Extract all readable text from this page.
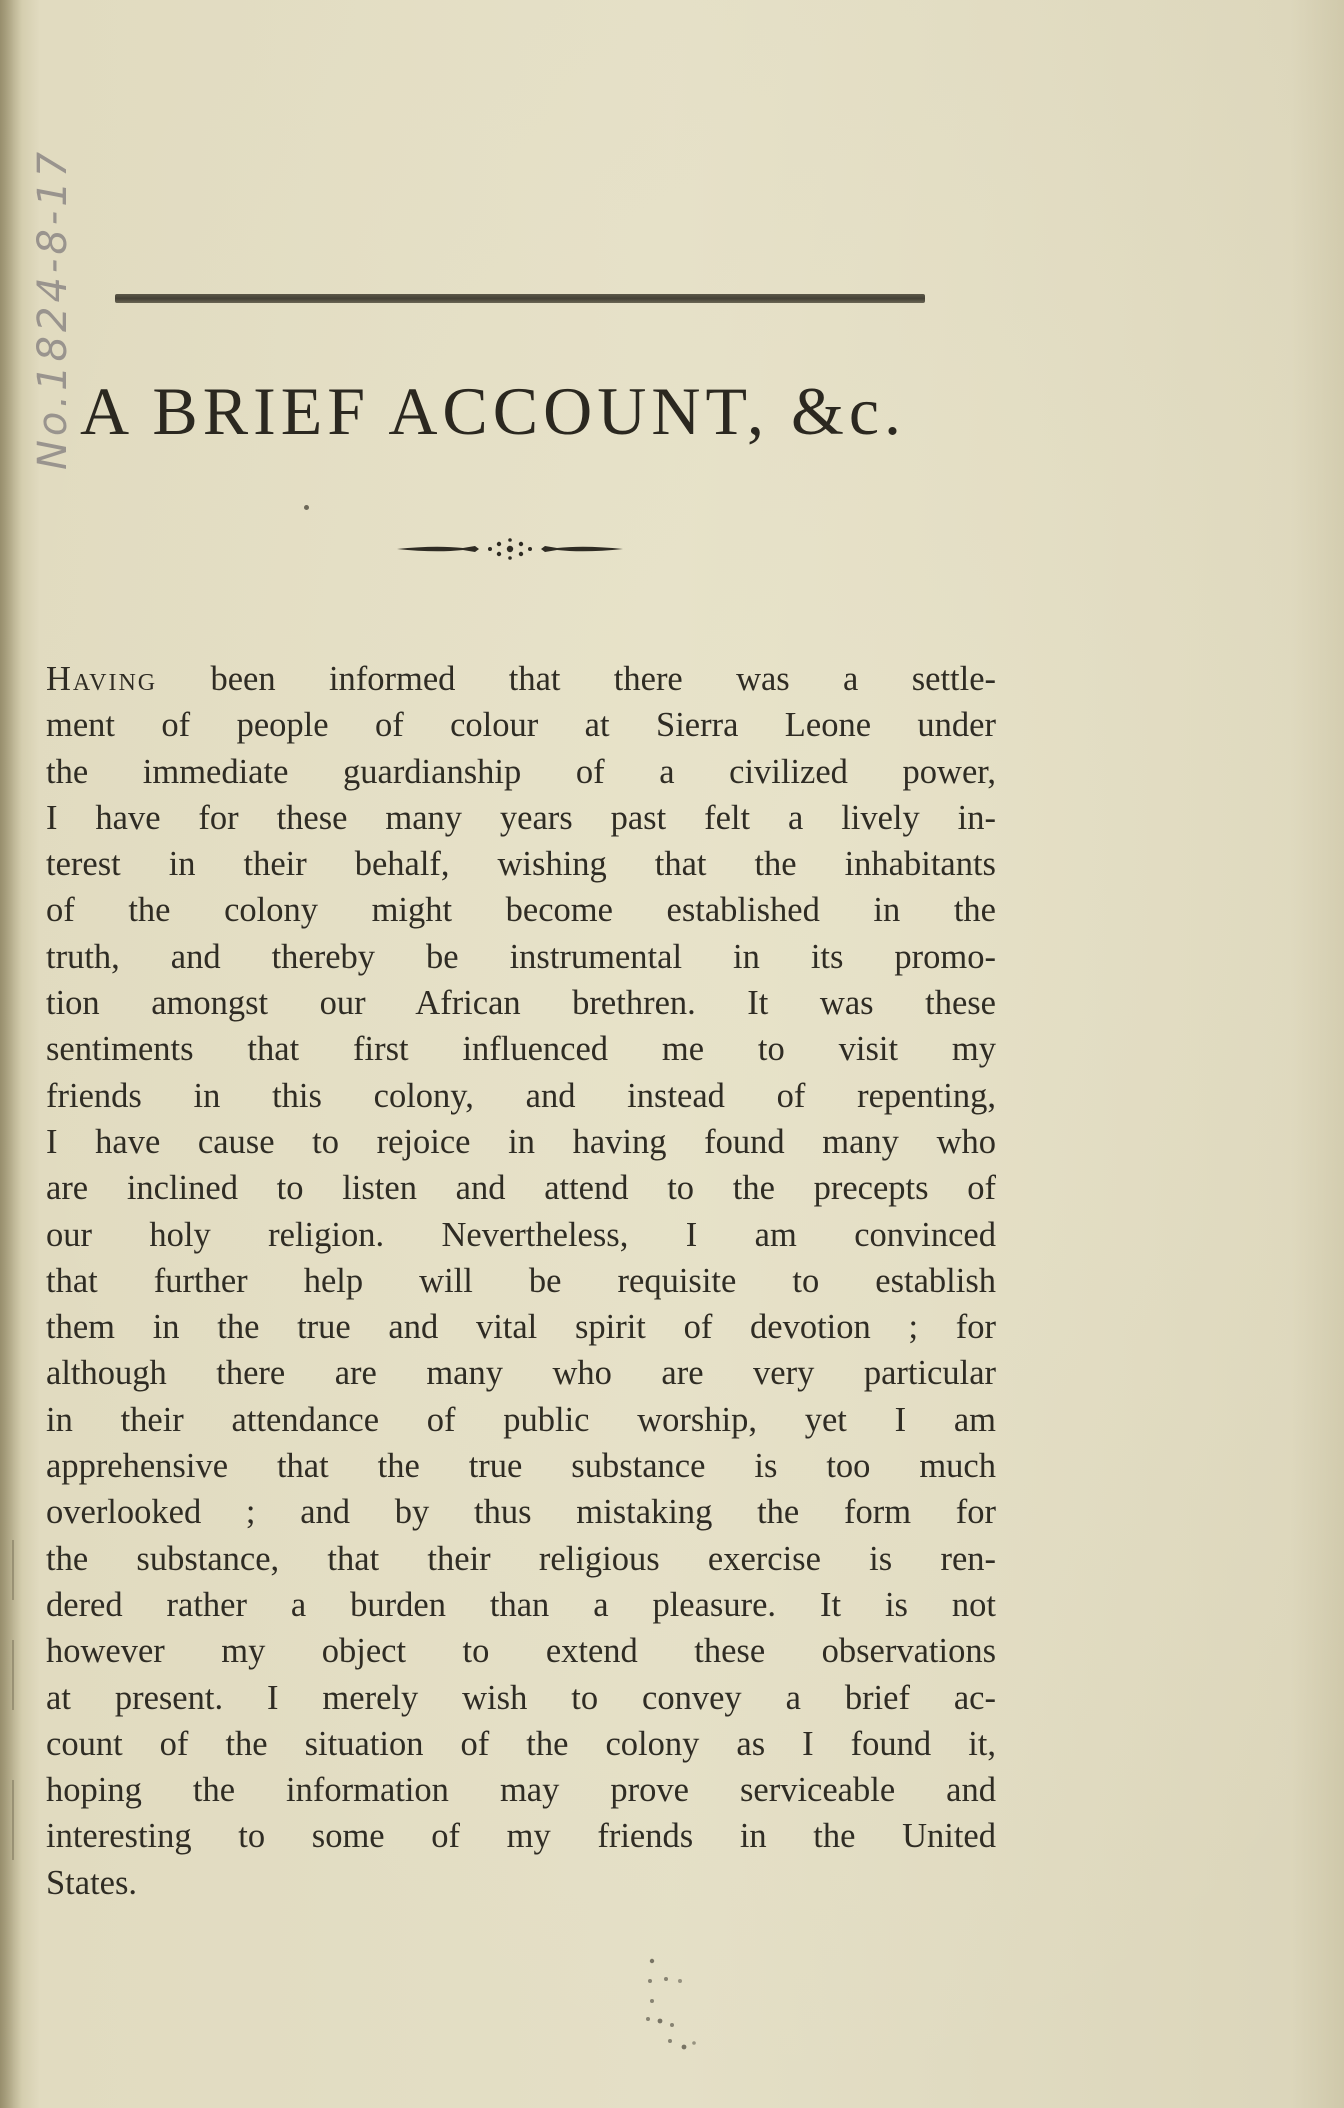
No.1824-8-17 A BRIEF ACCOUNT, &c.
Having been informed that there was a settle-
ment of people of colour at Sierra Leone under
the immediate guardianship of a civilized power,
I have for these many years past felt a lively in-
terest in their behalf, wishing that the inhabitants
of the colony might become established in the
truth, and thereby be instrumental in its promo-
tion amongst our African brethren. It was these
sentiments that first influenced me to visit my
friends in this colony, and instead of repenting,
I have cause to rejoice in having found many who
are inclined to listen and attend to the precepts of
our holy religion. Nevertheless, I am convinced
that further help will be requisite to establish
them in the true and vital spirit of devotion ; for
although there are many who are very particular
in their attendance of public worship, yet I am
apprehensive that the true substance is too much
overlooked ; and by thus mistaking the form for
the substance, that their religious exercise is ren-
dered rather a burden than a pleasure. It is not
however my object to extend these observations
at present. I merely wish to convey a brief ac-
count of the situation of the colony as I found it,
hoping the information may prove serviceable and
interesting to some of my friends in the United
States.
